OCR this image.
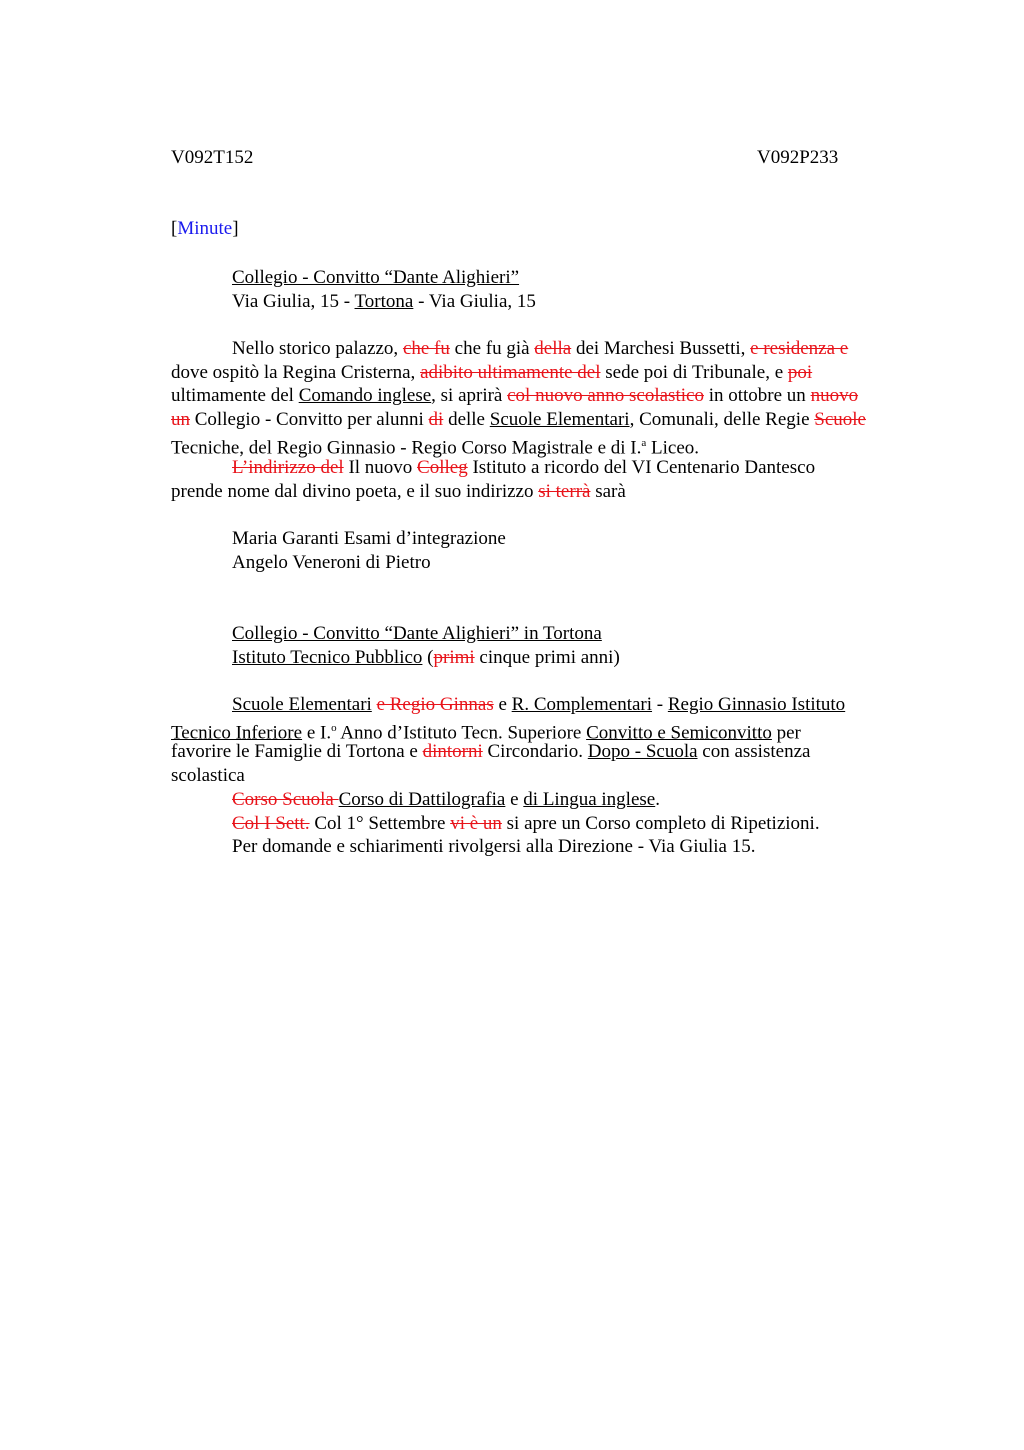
V092T152	V092P233
[Minute]
Collegio - Convitto “Dante Alighieri”
Via Giulia, 15 - Tortona - Via Giulia, 15
Nello storico palazzo, che fu che fu già della dei Marchesi Bussetti, e residenza e
dove ospitò la Regina Cristerna, adibito ultimamente del sede poi di Tribunale, e poi
ultimamente del Comando inglese, si aprirà col nuovo anno scolastico in ottobre un nuovo
un Collegio - Convitto per alunni di delle Scuole Elementari, Comunali, delle Regie Scuole
Tecniche, del Regio Ginnasio - Regio Corso Magistrale e di I.$^a$ Liceo.
L’indirizzo del Il nuovo Colleg Istituto a ricordo del VI Centenario Dantesco
prende nome dal divino poeta, e il suo indirizzo si terrà sarà
Maria Garanti Esami d’integrazione
Angelo Veneroni di Pietro
Collegio - Convitto “Dante Alighieri” in Tortona
Istituto Tecnico Pubblico (primi cinque primi anni)
Scuole Elementari e Regio Ginnas e R. Complementari - Regio Ginnasio Istituto
Tecnico Inferiore e I.$^o$ Anno d’Istituto Tecn. Superiore Convitto e Semiconvitto per
favorire le Famiglie di Tortona e dintorni Circondario. Dopo - Scuola con assistenza
scolastica
Corso Scuola Corso di Dattilografia e di Lingua inglese.
Col I Sett. Col 1° Settembre vi è un si apre un Corso completo di Ripetizioni.
Per domande e schiarimenti rivolgersi alla Direzione - Via Giulia 15.
